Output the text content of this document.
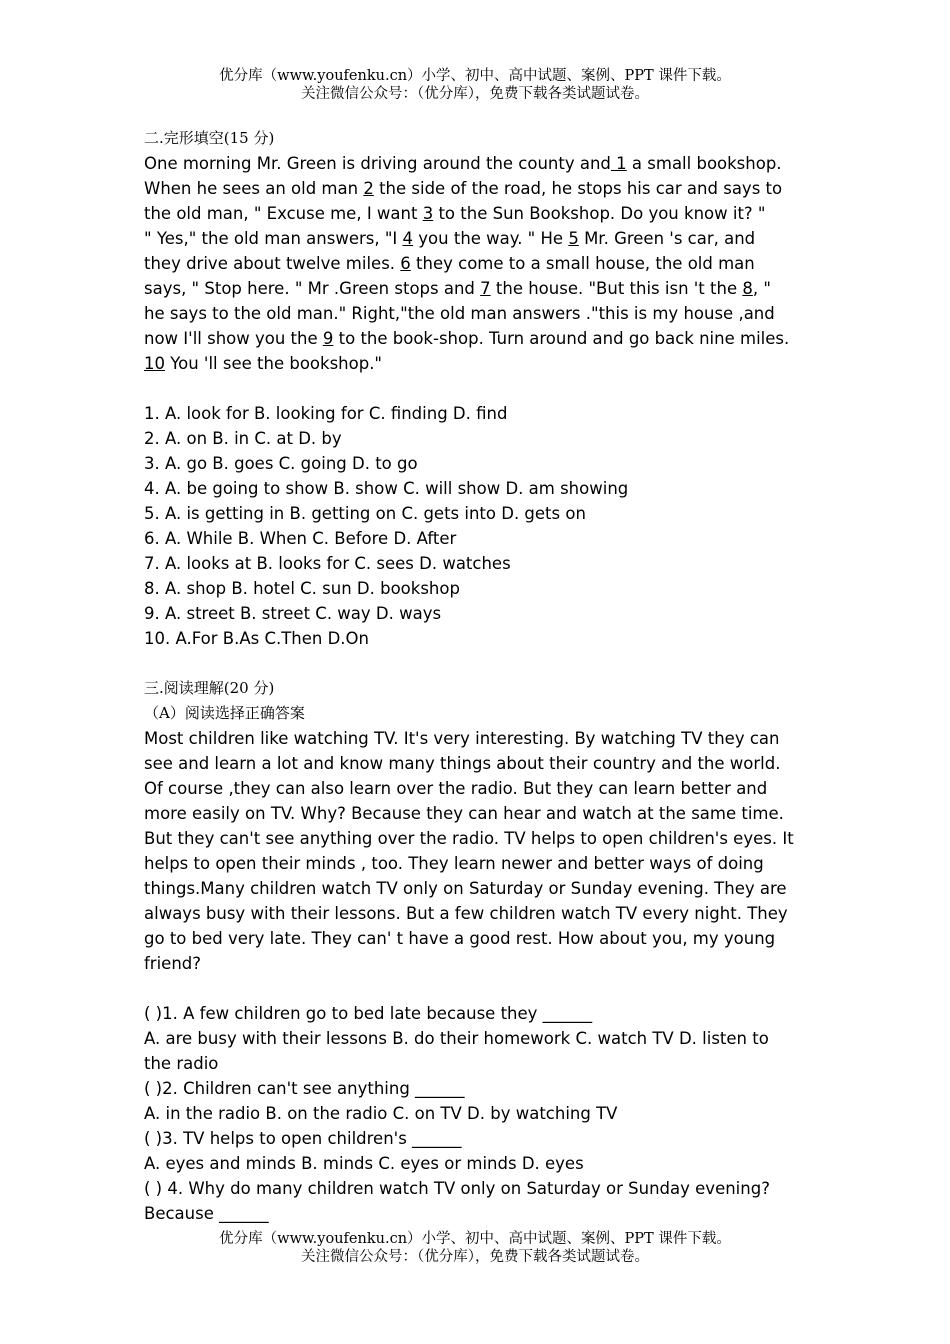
优分库（www.youfenku.cn）小学、初中、高中试题、案例、PPT 课件下载。
关注微信公众号：（优分库），免费下载各类试题试卷。

二.完形填空(15 分)

One morning Mr. Green is driving around the county and 1 a small bookshop.

When he sees an old man 2 the side of the road, he stops his car and says to

the old man, " Excuse me, I want 3 to the Sun Bookshop. Do you know it? "

" Yes," the old man answers, "I 4 you the way. " He 5 Mr. Green 's car, and

they drive about twelve miles. 6 they come to a small house, the old man

says, " Stop here. " Mr .Green stops and 7 the house. "But this isn 't the 8, "

he says to the old man." Right,"the old man answers ."this is my house ,and

now I'll show you the 9 to the book-shop. Turn around and go back nine miles.

10 You 'll see the bookshop."

1. A. look for B. looking for C. finding D. find

2. A. on B. in C. at D. by

3. A. go B. goes C. going D. to go

4. A. be going to show B. show C. will show D. am showing

5. A. is getting in B. getting on C. gets into D. gets on

6. A. While B. When C. Before D. After

7. A. looks at B. looks for C. sees D. watches

8. A. shop B. hotel C. sun D. bookshop

9. A. street B. street C. way D. ways

10. A.For B.As C.Then D.On

三.阅读理解(20 分)

（A）阅读选择正确答案

Most children like watching TV. It's very interesting. By watching TV they can

see and learn a lot and know many things about their country and the world.

Of course ,they can also learn over the radio. But they can learn better and

more easily on TV. Why? Because they can hear and watch at the same time.

But they can't see anything over the radio. TV helps to open children's eyes. It

helps to open their minds , too. They learn newer and better ways of doing

things.Many children watch TV only on Saturday or Sunday evening. They are

always busy with their lessons. But a few children watch TV every night. They

go to bed very late. They can' t have a good rest. How about you, my young

friend?

( )1. A few children go to bed late because they ______

A. are busy with their lessons B. do their homework C. watch TV D. listen to

the radio

( )2. Children can't see anything ______

A. in the radio B. on the radio C. on TV D. by watching TV

( )3. TV helps to open children's ______

A. eyes and minds B. minds C. eyes or minds D. eyes

( ) 4. Why do many children watch TV only on Saturday or Sunday evening?

Because ______

优分库（www.youfenku.cn）小学、初中、高中试题、案例、PPT 课件下载。
关注微信公众号：（优分库），免费下载各类试题试卷。
